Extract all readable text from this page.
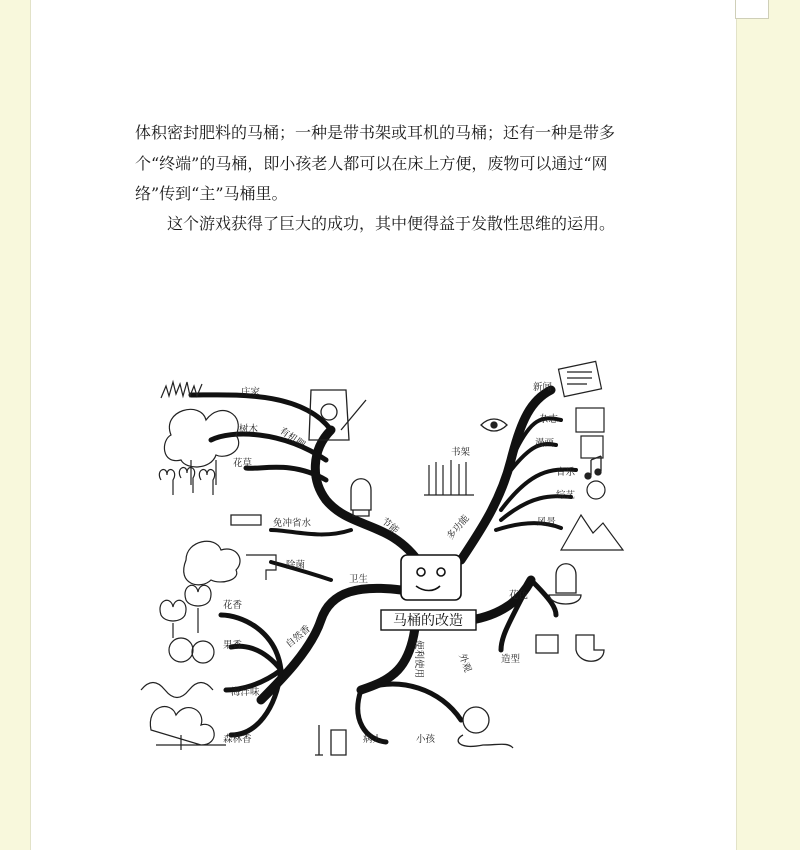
体积密封肥料的马桶；一种是带书架或耳机的马桶；还有一种是带多个“终端”的马桶，即小孩老人都可以在床上方便，废物可以通过“网络”传到“主”马桶里。

这个游戏获得了巨大的成功，其中便得益于发散性思维的运用。

马桶的改造
庄家
有机肥
树木
花草
节能
免冲省水
除菌
卫生
自然香
花香
果香
海洋味
森林香
便利使用
病人	小孩
多功能
书架
新闻
杂志
漫画
音乐
综艺
风景
外观
花色
造型
